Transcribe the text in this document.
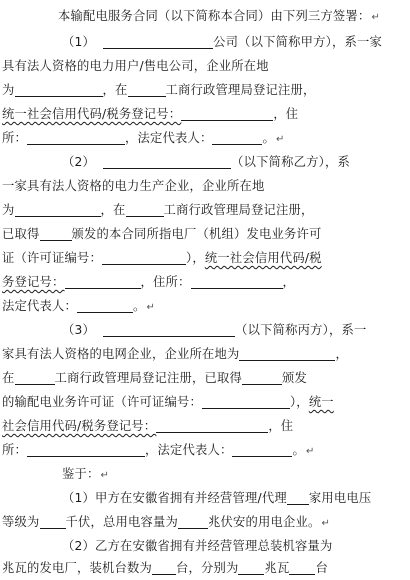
本输配电服务合同（以下简称本合同）由下列三方签署：↵
（1）	公司（以下简称甲方），系一家
具有法人资格的电力用户/售电公司，企业所在地
为	，在	工商行政管理局登记注册，
统一社会信用代码/税务登记号：	，住
所：	，法定代表人：	。↵
（2）	（以下简称乙方），系
一家具有法人资格的电力生产企业，企业所在地
为	，在	工商行政管理局登记注册，
已取得	颁发的本合同所指电厂（机组）发电业务许可
证（许可证编号：	），统一社会信用代码/税
务登记号：	，住所：	，
法定代表人：	。↵
（3）	（以下简称丙方），系一
家具有法人资格的电网企业，企业所在地为	，
在	工商行政管理局登记注册，已取得	颁发
的输配电业务许可证（许可证编号：	），统一
社会信用代码/税务登记号：	，住
所：	，法定代表人：	。↵
鉴于：↵
（1）甲方在安徽省拥有并经营管理/代理 家用电电压
等级为 千伏，总用电容量为 兆伏安的用电企业。↵
（2）乙方在安徽省拥有并经营管理总装机容量为
兆瓦的发电厂，装机台数为 台，分别为 兆瓦 台
